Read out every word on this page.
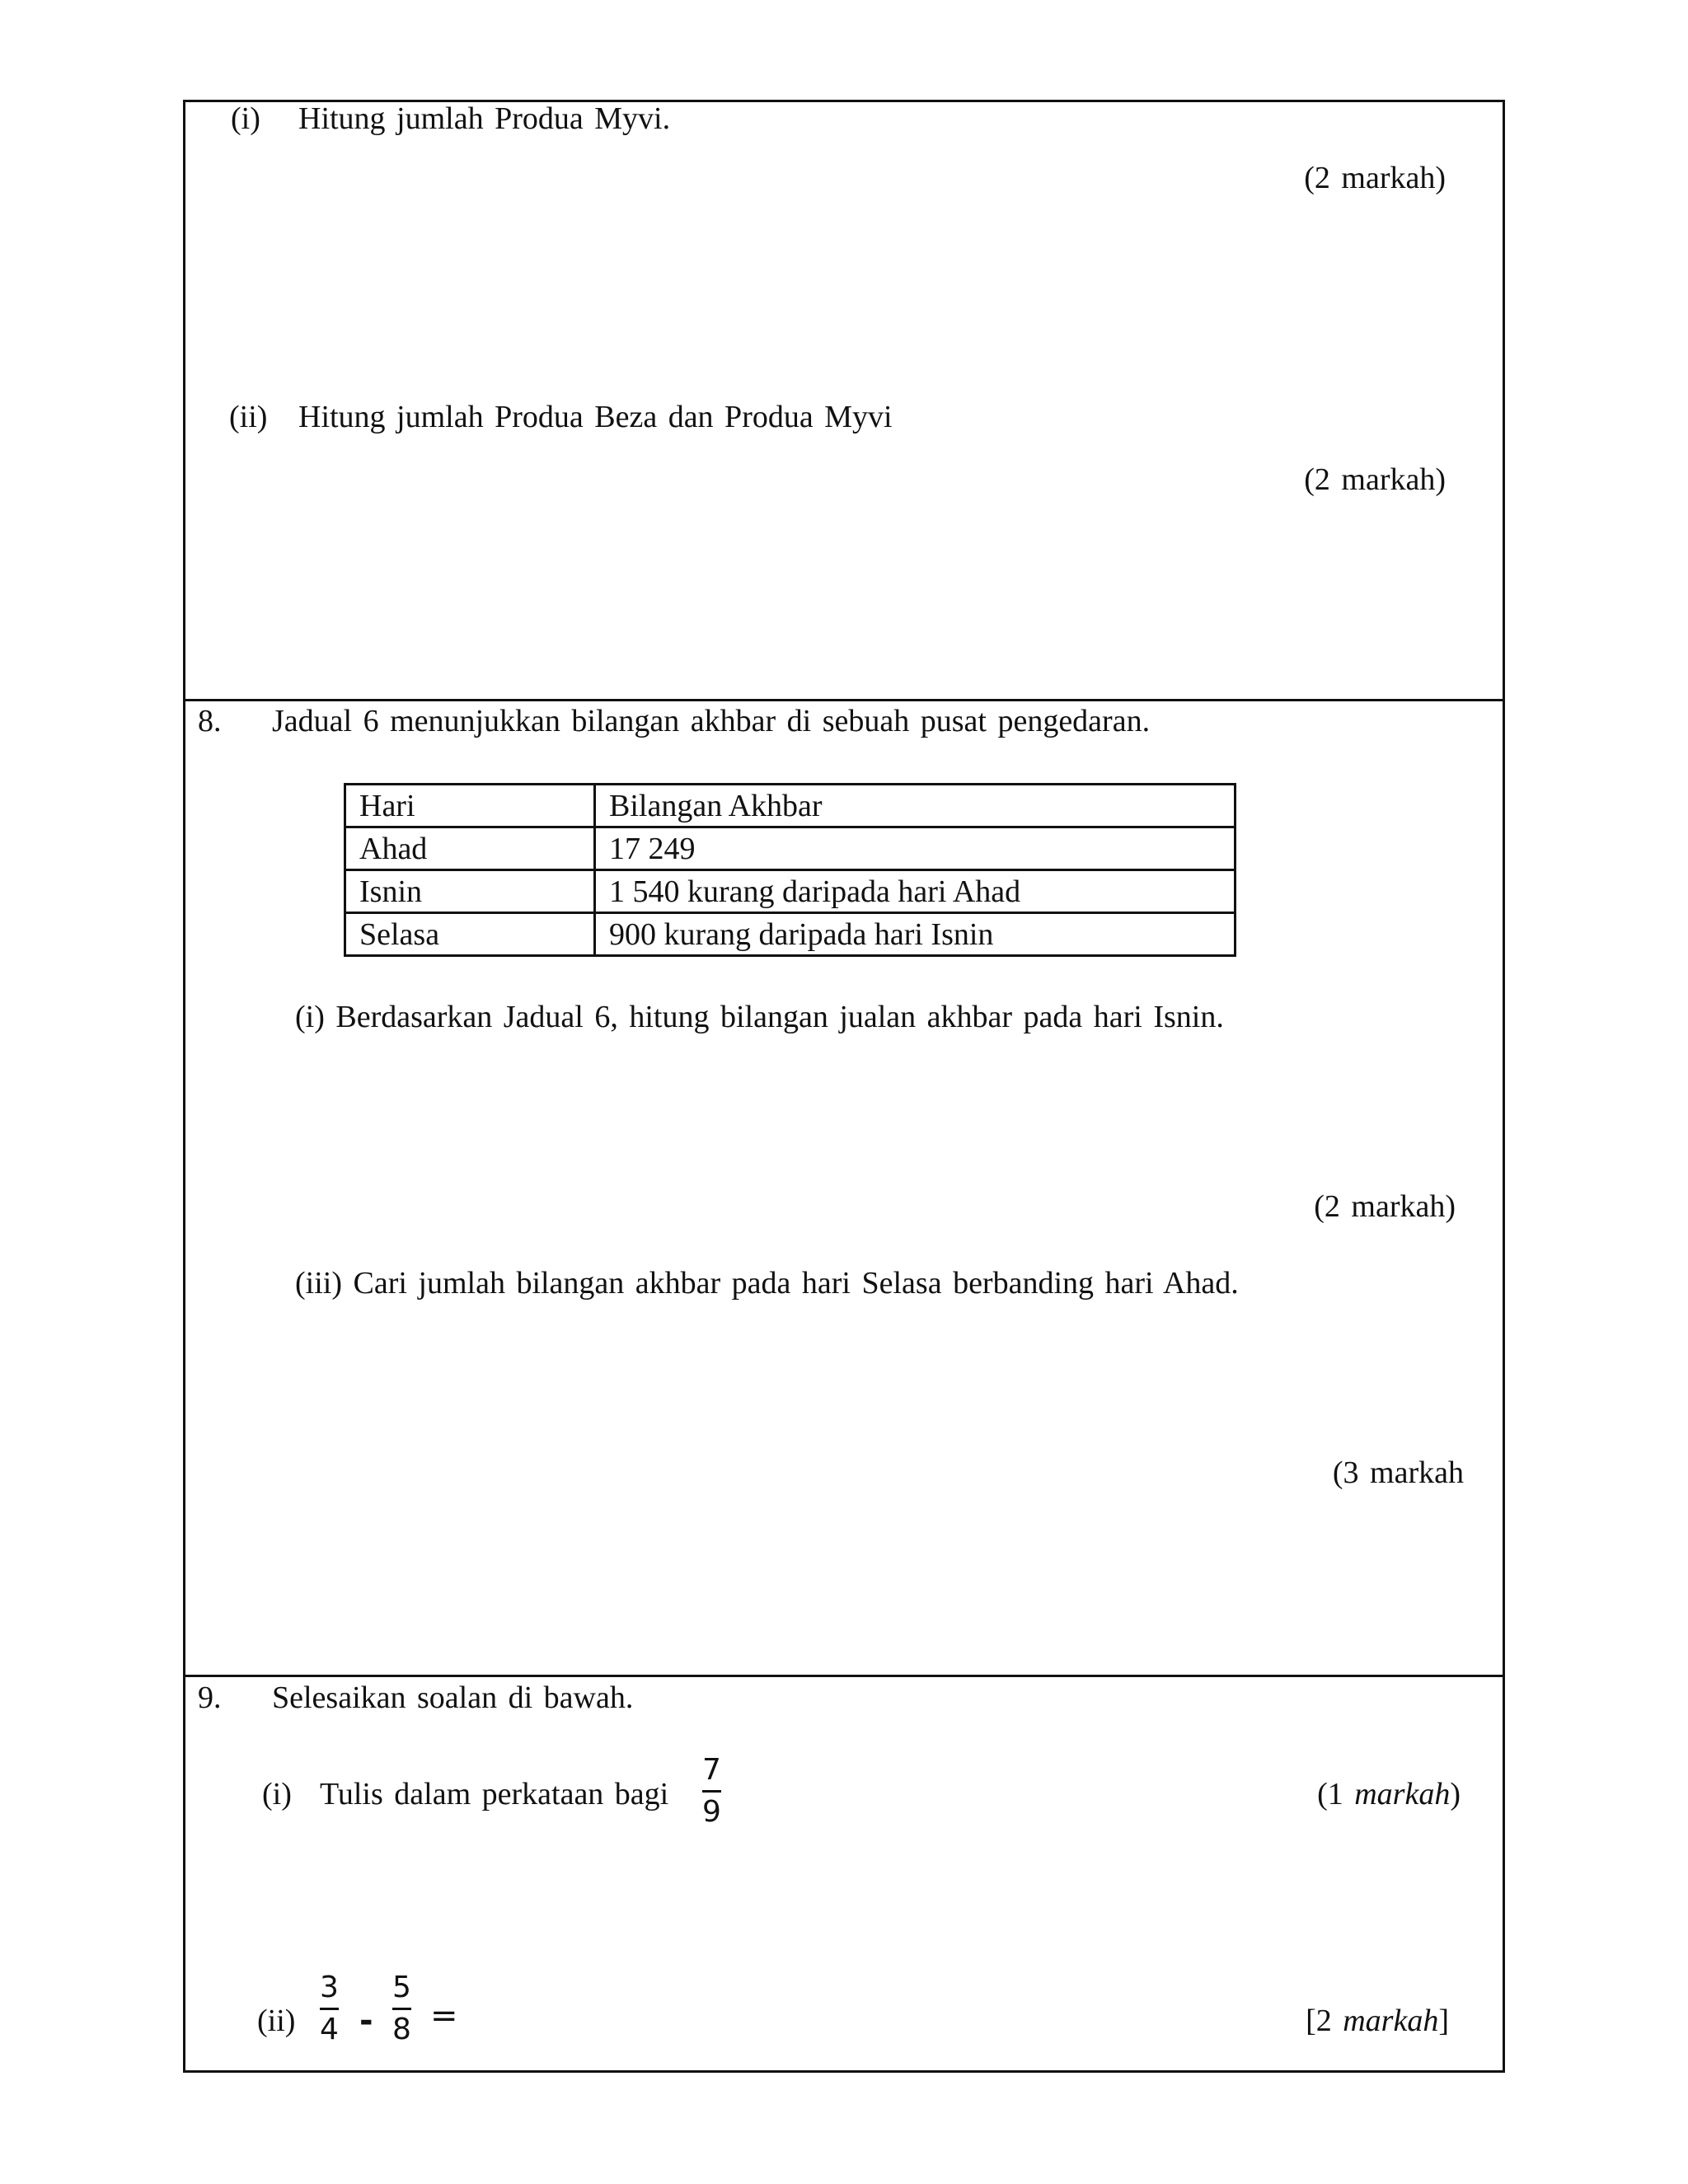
(i) Hitung jumlah Produa Myvi.
(2 markah)
(ii) Hitung jumlah Produa Beza dan Produa Myvi
(2 markah)
8. Jadual 6 menunjukkan bilangan akhbar di sebuah pusat pengedaran.
Hari	Bilangan Akhbar
Ahad	17 249
Isnin	1 540 kurang daripada hari Ahad
Selasa	900 kurang daripada hari Isnin
(i) Berdasarkan Jadual 6, hitung bilangan jualan akhbar pada hari Isnin.
(2 markah)
(iii) Cari jumlah bilangan akhbar pada hari Selasa berbanding hari Ahad.
(3 markah
9. Selesaikan soalan di bawah.
(i) Tulis dalam perkataan bagi
7
9
(1 markah)
(ii)
3
4 -
5
8 =	[2 markah]
